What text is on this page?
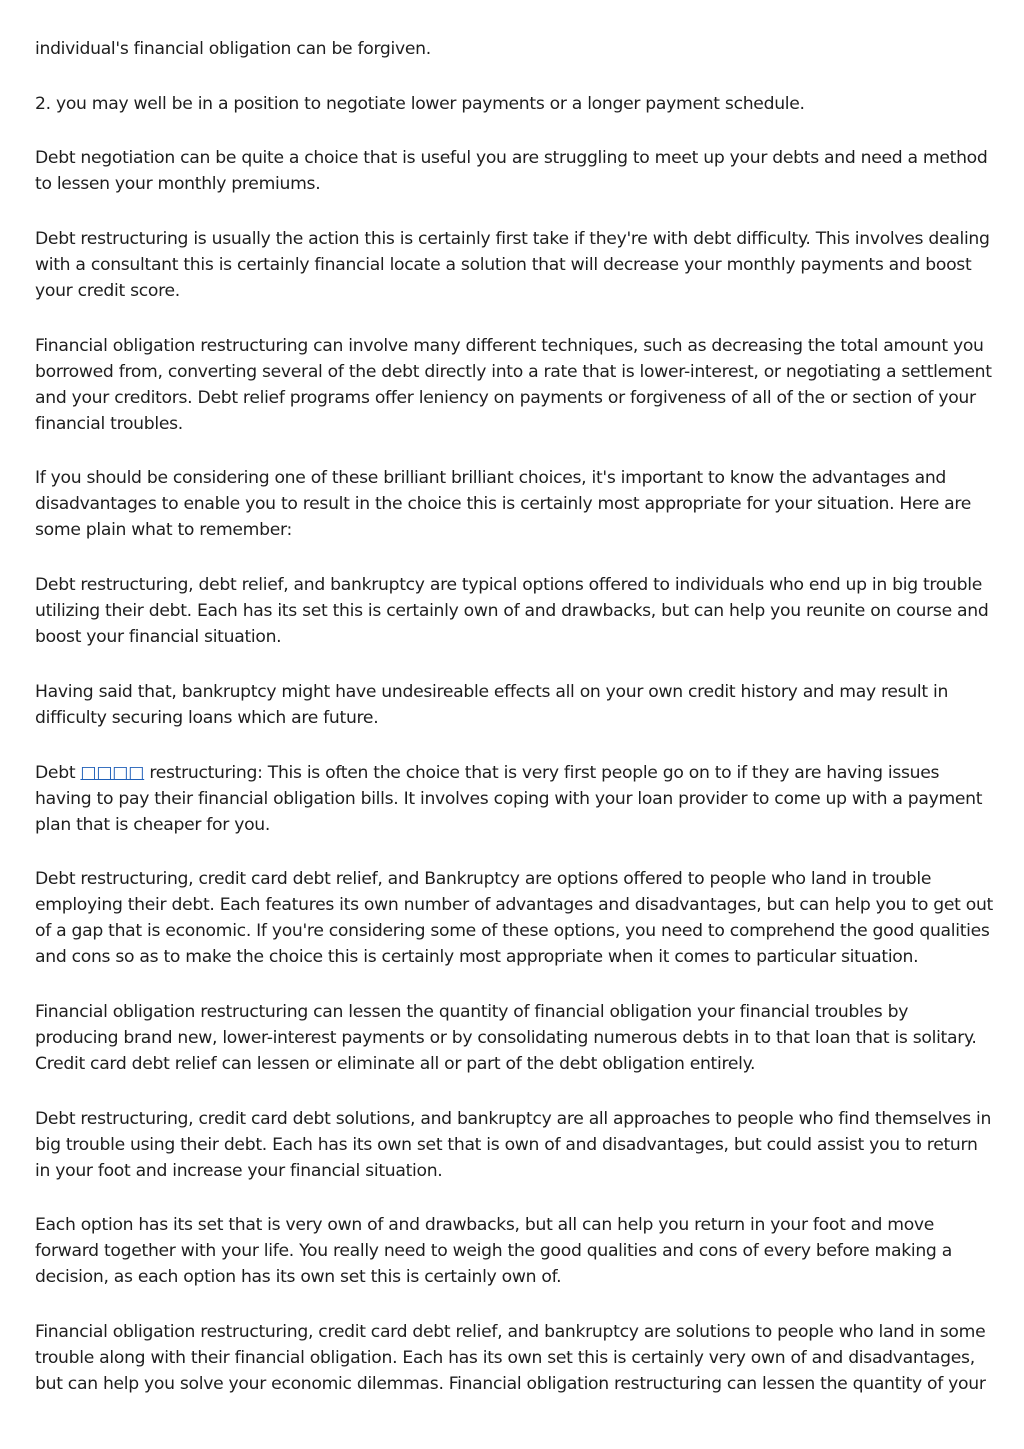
individual's financial obligation can be forgiven.

2. you may well be in a position to negotiate lower payments or a longer payment schedule.

Debt negotiation can be quite a choice that is useful you are struggling to meet up your debts and need a method to lessen your monthly premiums.

Debt restructuring is usually the action this is certainly first take if they're with debt difficulty. This involves dealing with a consultant this is certainly financial locate a solution that will decrease your monthly payments and boost your credit score.

Financial obligation restructuring can involve many different techniques, such as decreasing the total amount you borrowed from, converting several of the debt directly into a rate that is lower-interest, or negotiating a settlement and your creditors. Debt relief programs offer leniency on payments or forgiveness of all of the or section of your financial troubles.

If you should be considering one of these brilliant brilliant choices, it's important to know the advantages and disadvantages to enable you to result in the choice this is certainly most appropriate for your situation. Here are some plain what to remember:

Debt restructuring, debt relief, and bankruptcy are typical options offered to individuals who end up in big trouble utilizing their debt. Each has its set this is certainly own of and drawbacks, but can help you reunite on course and boost your financial situation.

Having said that, bankruptcy might have undesireable effects all on your own credit history and may result in difficulty securing loans which are future.

Debt □□□□ restructuring: This is often the choice that is very first people go on to if they are having issues having to pay their financial obligation bills. It involves coping with your loan provider to come up with a payment plan that is cheaper for you.

Debt restructuring, credit card debt relief, and Bankruptcy are options offered to people who land in trouble employing their debt. Each features its own number of advantages and disadvantages, but can help you to get out of a gap that is economic. If you're considering some of these options, you need to comprehend the good qualities and cons so as to make the choice this is certainly most appropriate when it comes to particular situation.

Financial obligation restructuring can lessen the quantity of financial obligation your financial troubles by producing brand new, lower-interest payments or by consolidating numerous debts in to that loan that is solitary. Credit card debt relief can lessen or eliminate all or part of the debt obligation entirely.

Debt restructuring, credit card debt solutions, and bankruptcy are all approaches to people who find themselves in big trouble using their debt. Each has its own set that is own of and disadvantages, but could assist you to return in your foot and increase your financial situation.

Each option has its set that is very own of and drawbacks, but all can help you return in your foot and move forward together with your life. You really need to weigh the good qualities and cons of every before making a decision, as each option has its own set this is certainly own of.

Financial obligation restructuring, credit card debt relief, and bankruptcy are solutions to people who land in some trouble along with their financial obligation. Each has its own set this is certainly very own of and disadvantages, but can help you solve your economic dilemmas. Financial obligation restructuring can lessen the quantity of your
